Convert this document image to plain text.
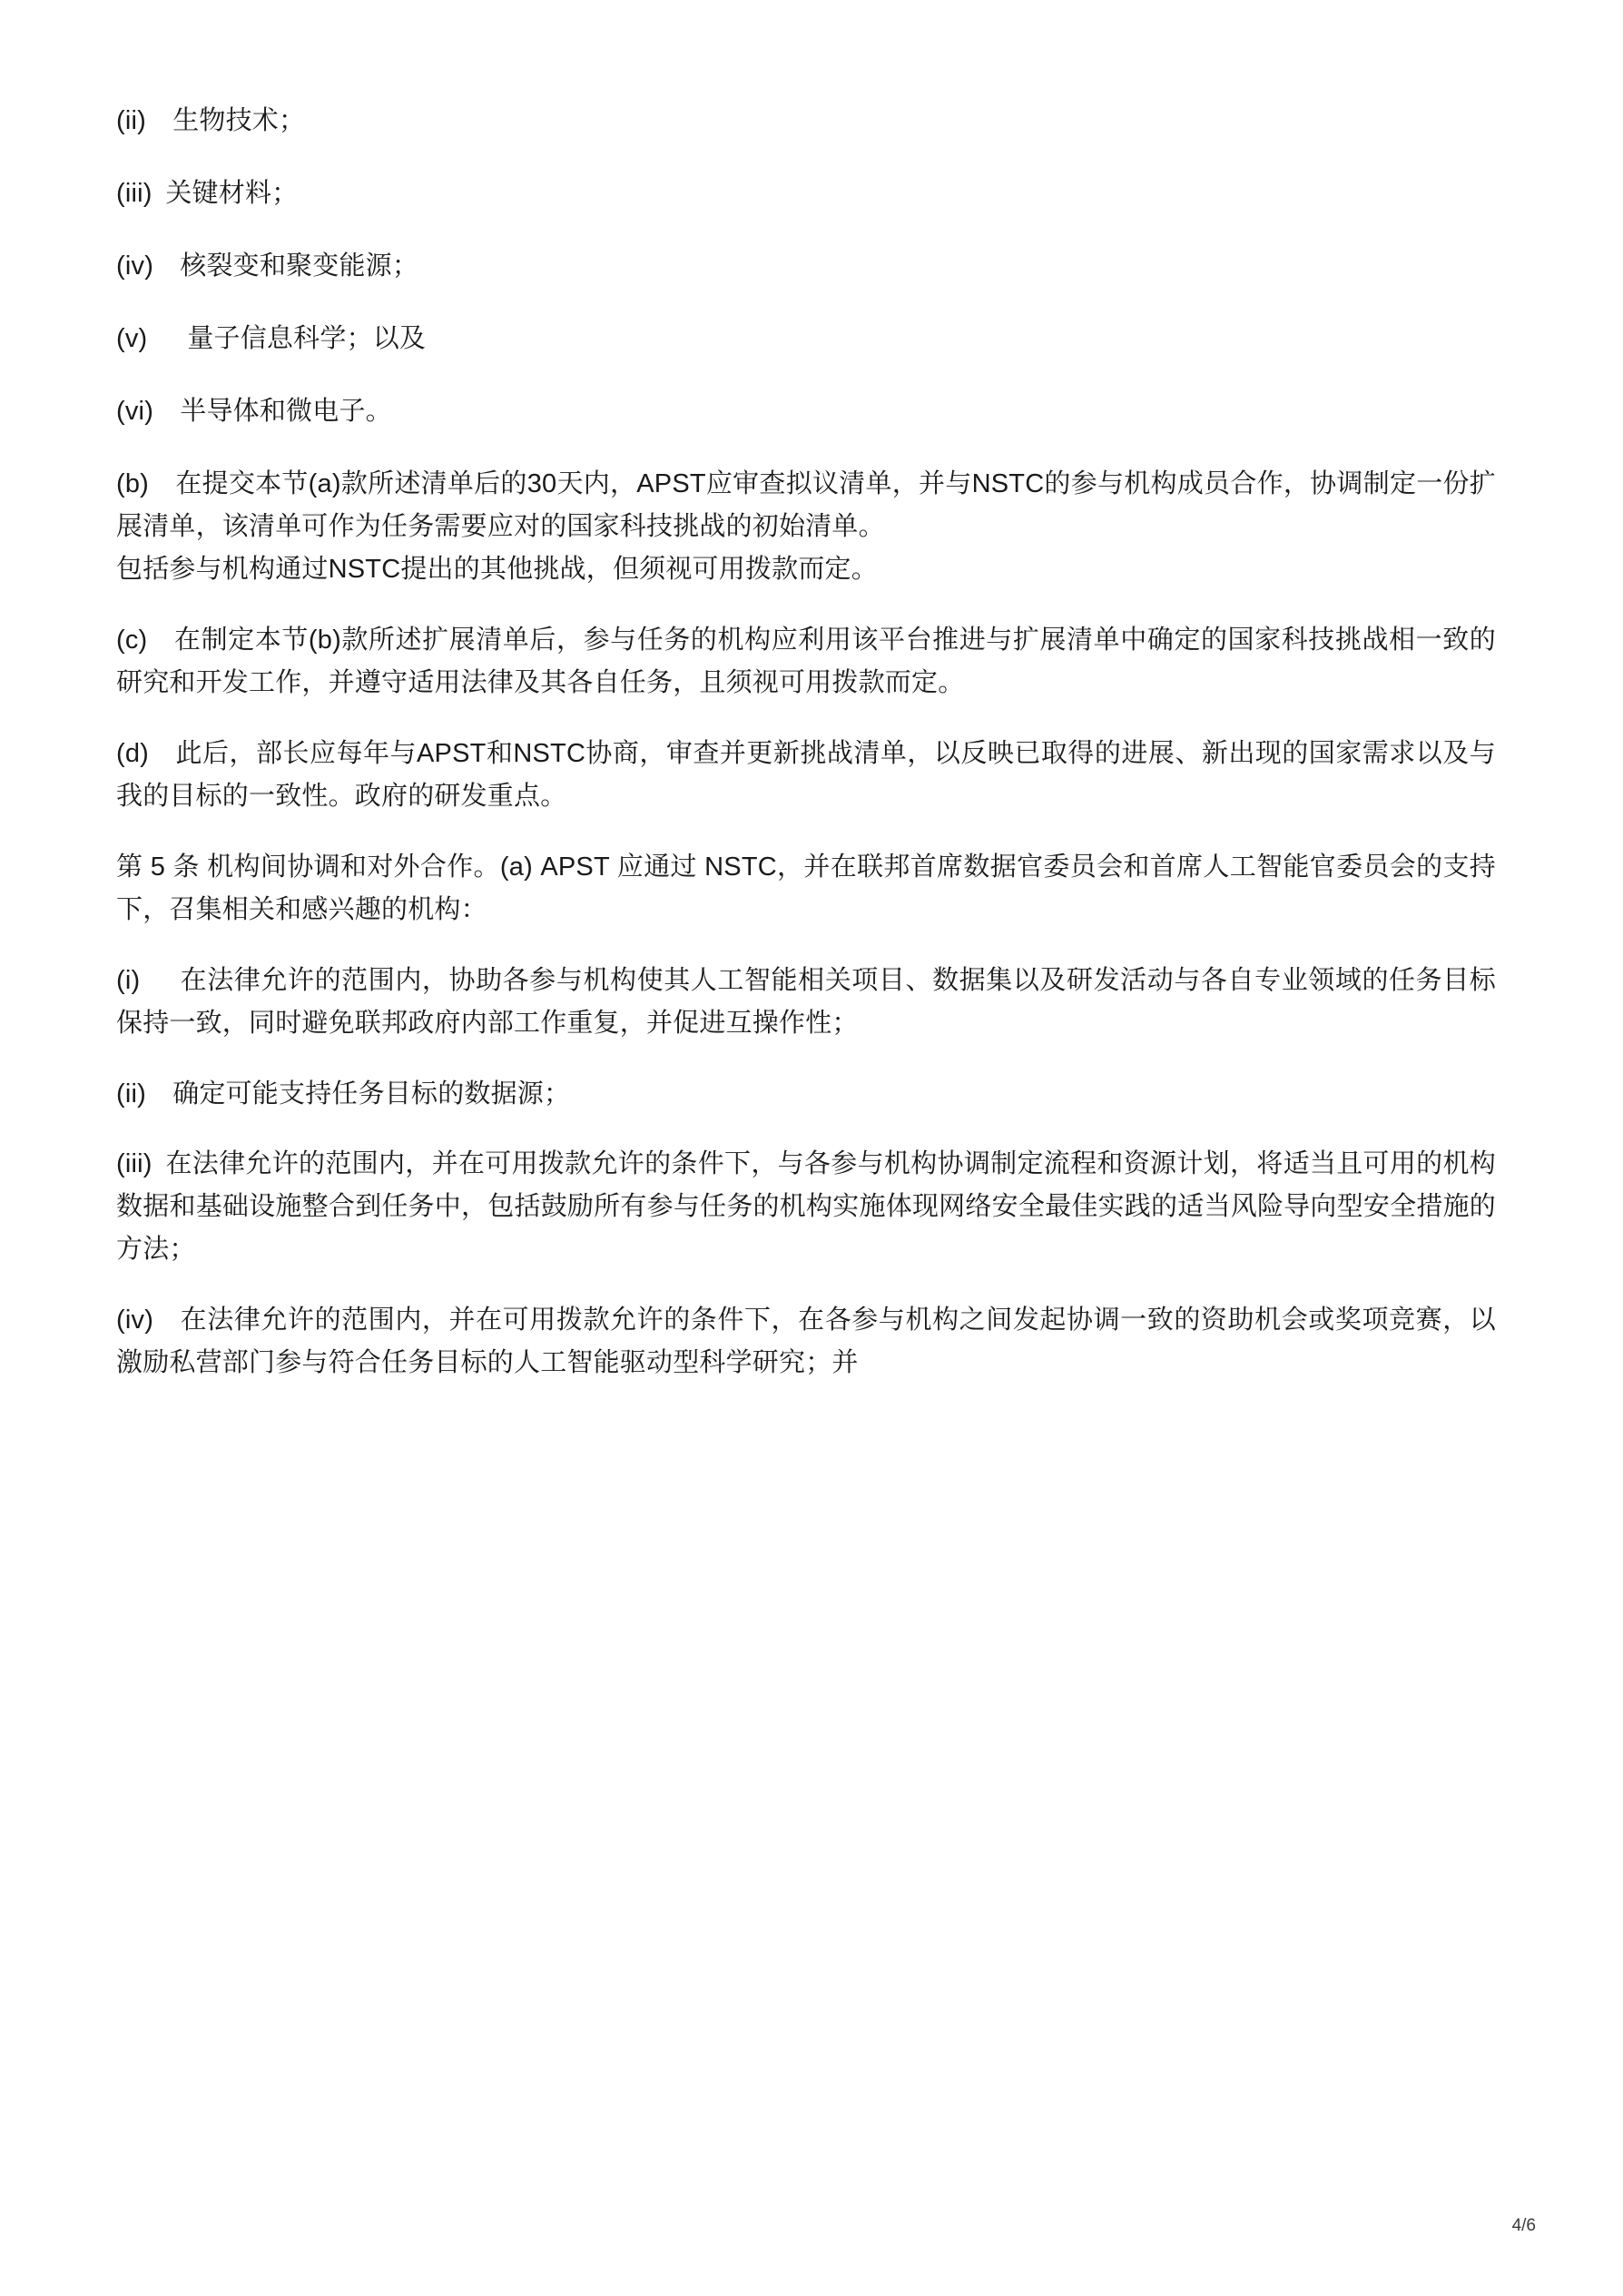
(ii) 生物技术；

(iii) 关键材料；

(iv) 核裂变和聚变能源；

(v)  量子信息科学；以及

(vi) 半导体和微电子。

(b) 在提交本节(a)款所述清单后的30天内，APST应审查拟议清单，并与NSTC的参与机构成员合作，协调制定一份扩展清单，该清单可作为任务需要应对的国家科技挑战的初始清单。

包括参与机构通过NSTC提出的其他挑战，但须视可用拨款而定。

(c) 在制定本节(b)款所述扩展清单后，参与任务的机构应利用该平台推进与扩展清单中确定的国家科技挑战相一致的研究和开发工作，并遵守适用法律及其各自任务，且须视可用拨款而定。

(d) 此后，部长应每年与APST和NSTC协商，审查并更新挑战清单，以反映已取得的进展、新出现的国家需求以及与我的目标的一致性。政府的研发重点。

第 5 条 机构间协调和对外合作。(a) APST 应通过 NSTC，并在联邦首席数据官委员会和首席人工智能官委员会的支持下，召集相关和感兴趣的机构：

(i)  在法律允许的范围内，协助各参与机构使其人工智能相关项目、数据集以及研发活动与各自专业领域的任务目标保持一致，同时避免联邦政府内部工作重复，并促进互操作性；

(ii) 确定可能支持任务目标的数据源；

(iii) 在法律允许的范围内，并在可用拨款允许的条件下，与各参与机构协调制定流程和资源计划，将适当且可用的机构数据和基础设施整合到任务中，包括鼓励所有参与任务的机构实施体现网络安全最佳实践的适当风险导向型安全措施的方法；

(iv) 在法律允许的范围内，并在可用拨款允许的条件下，在各参与机构之间发起协调一致的资助机会或奖项竞赛，以激励私营部门参与符合任务目标的人工智能驱动型科学研究；并

4/6
